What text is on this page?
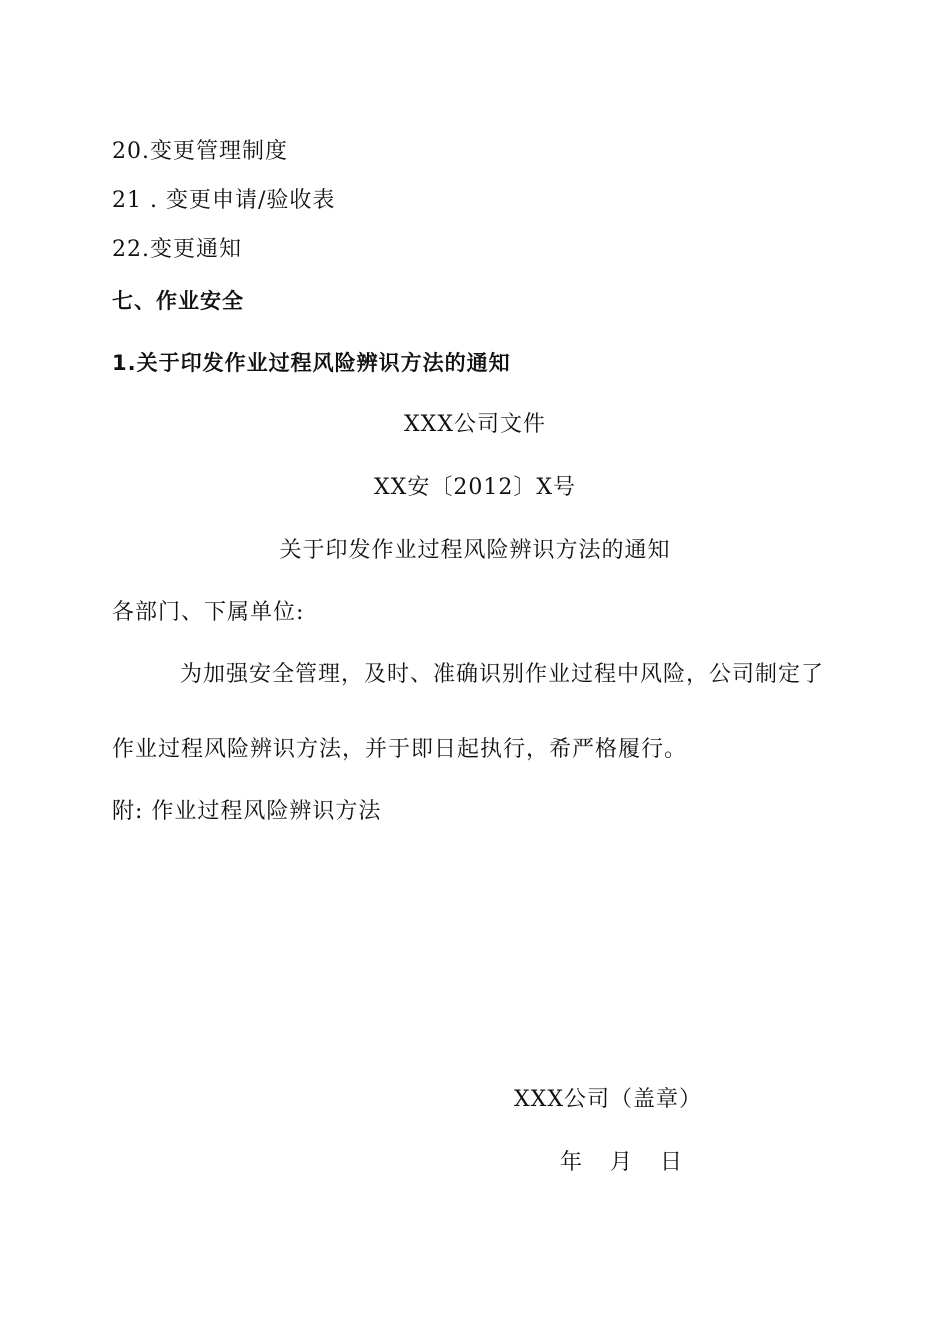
20.变更管理制度
21 . 变更申请/验收表
22.变更通知
七、作业安全
1.关于印发作业过程风险辨识方法的通知
XXX公司文件
XX安〔2012〕X号
关于印发作业过程风险辨识方法的通知
各部门、下属单位:
为加强安全管理，及时、准确识别作业过程中风险，公司制定了
作业过程风险辨识方法，并于即日起执行，希严格履行。
附: 作业过程风险辨识方法
XXX公司（盖章）
年　月　日
